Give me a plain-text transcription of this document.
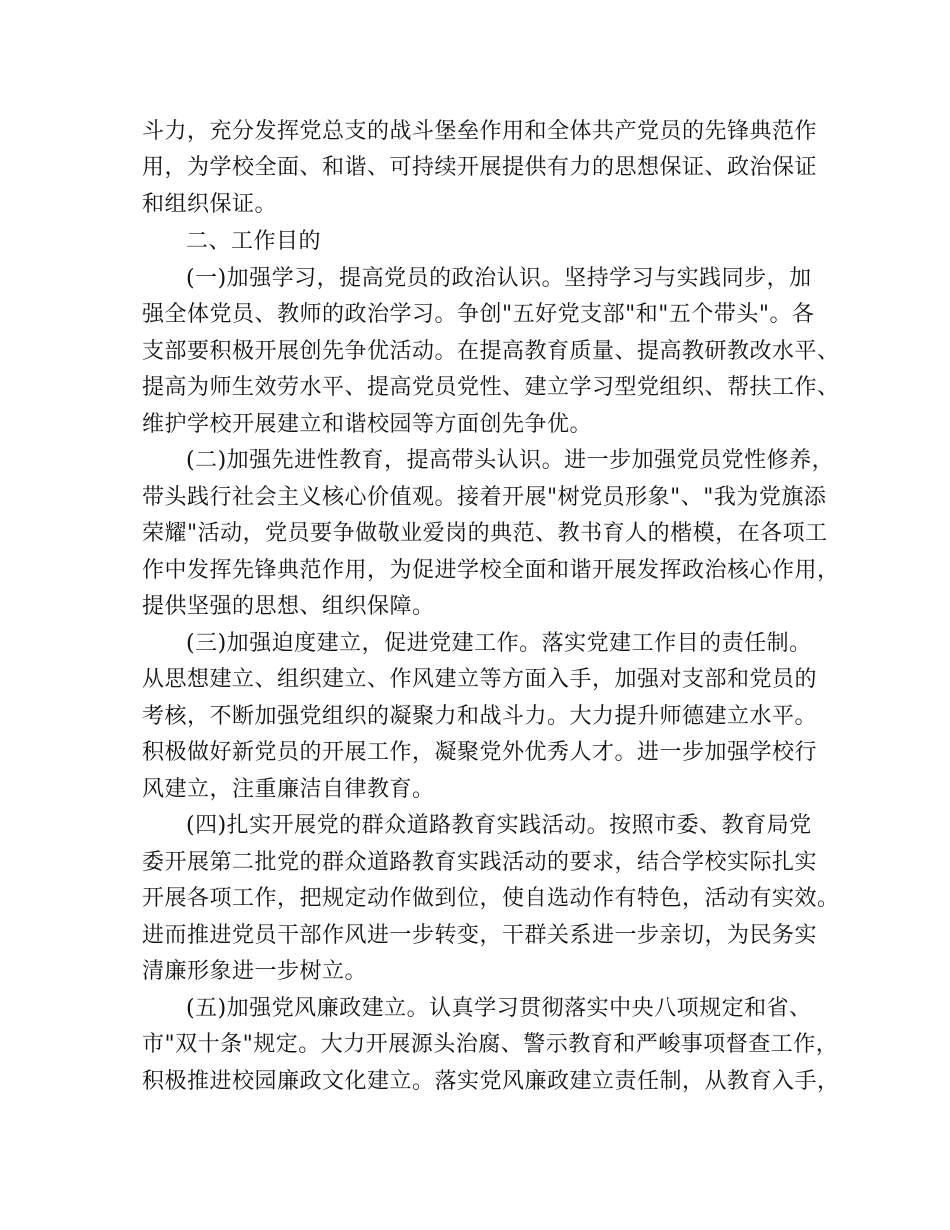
斗力，充分发挥党总支的战斗堡垒作用和全体共产党员的先锋典范作
用，为学校全面、和谐、可持续开展提供有力的思想保证、政治保证
和组织保证。
二、工作目的
(一)加强学习，提高党员的政治认识。坚持学习与实践同步，加
强全体党员、教师的政治学习。争创"五好党支部"和"五个带头"。各
支部要积极开展创先争优活动。在提高教育质量、提高教研教改水平、
提高为师生效劳水平、提高党员党性、建立学习型党组织、帮扶工作、
维护学校开展建立和谐校园等方面创先争优。
(二)加强先进性教育，提高带头认识。进一步加强党员党性修养，
带头践行社会主义核心价值观。接着开展"树党员形象"、"我为党旗添
荣耀"活动，党员要争做敬业爱岗的典范、教书育人的楷模，在各项工
作中发挥先锋典范作用，为促进学校全面和谐开展发挥政治核心作用，
提供坚强的思想、组织保障。
(三)加强迫度建立，促进党建工作。落实党建工作目的责任制。
从思想建立、组织建立、作风建立等方面入手，加强对支部和党员的
考核，不断加强党组织的凝聚力和战斗力。大力提升师德建立水平。
积极做好新党员的开展工作，凝聚党外优秀人才。进一步加强学校行
风建立，注重廉洁自律教育。
(四)扎实开展党的群众道路教育实践活动。按照市委、教育局党
委开展第二批党的群众道路教育实践活动的要求，结合学校实际扎实
开展各项工作，把规定动作做到位，使自选动作有特色，活动有实效。
进而推进党员干部作风进一步转变，干群关系进一步亲切，为民务实
清廉形象进一步树立。
(五)加强党风廉政建立。认真学习贯彻落实中央八项规定和省、
市"双十条"规定。大力开展源头治腐、警示教育和严峻事项督查工作，
积极推进校园廉政文化建立。落实党风廉政建立责任制，从教育入手，
